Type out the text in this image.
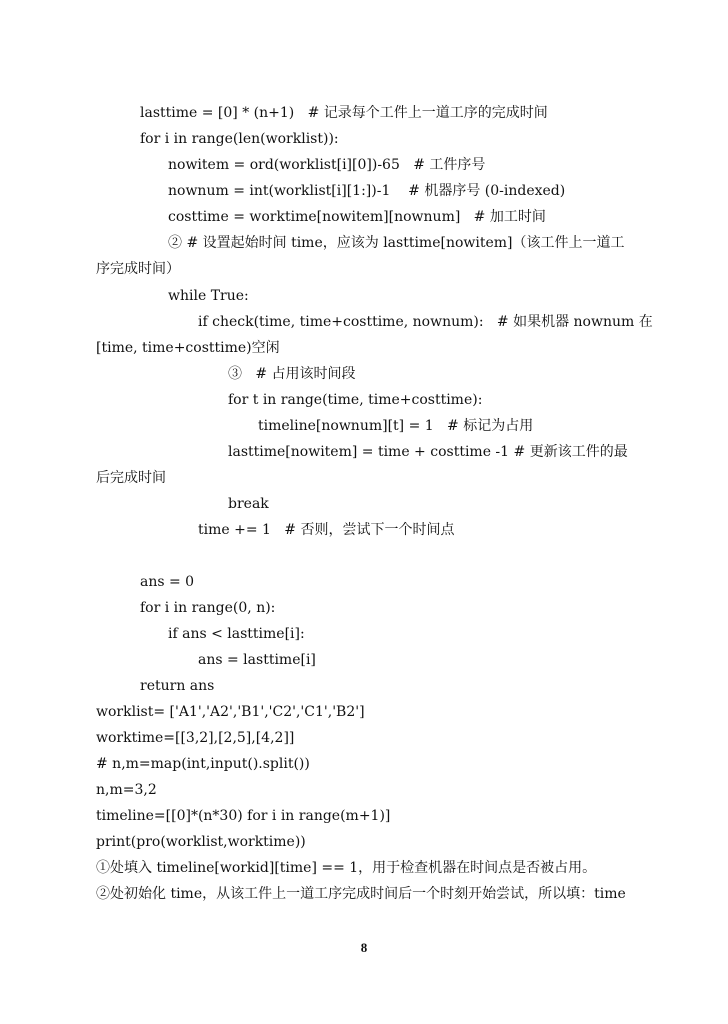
lasttime = [0] * (n+1)   # 记录每个工件上一道工序的完成时间
for i in range(len(worklist)):
nowitem = ord(worklist[i][0])-65   # 工件序号
nownum = int(worklist[i][1:])-1    # 机器序号 (0-indexed)
costtime = worktime[nowitem][nownum]   # 加工时间
② # 设置起始时间 time，应该为 lasttime[nowitem]（该工件上一道工
序完成时间）
while True:
if check(time, time+costtime, nownum):   # 如果机器 nownum 在
[time, time+costtime)空闲
③   # 占用该时间段
for t in range(time, time+costtime):
timeline[nownum][t] = 1   # 标记为占用
lasttime[nowitem] = time + costtime -1 # 更新该工件的最
后完成时间
break
time += 1   # 否则，尝试下一个时间点
ans = 0
for i in range(0, n):
if ans < lasttime[i]:
ans = lasttime[i]
return ans
worklist= ['A1','A2','B1','C2','C1','B2']
worktime=[[3,2],[2,5],[4,2]]
# n,m=map(int,input().split())
n,m=3,2
timeline=[[0]*(n*30) for i in range(m+1)]
print(pro(worklist,worktime))
①处填入 timeline[workid][time] == 1，用于检查机器在时间点是否被占用。
②处初始化 time，从该工件上一道工序完成时间后一个时刻开始尝试，所以填：time
8
